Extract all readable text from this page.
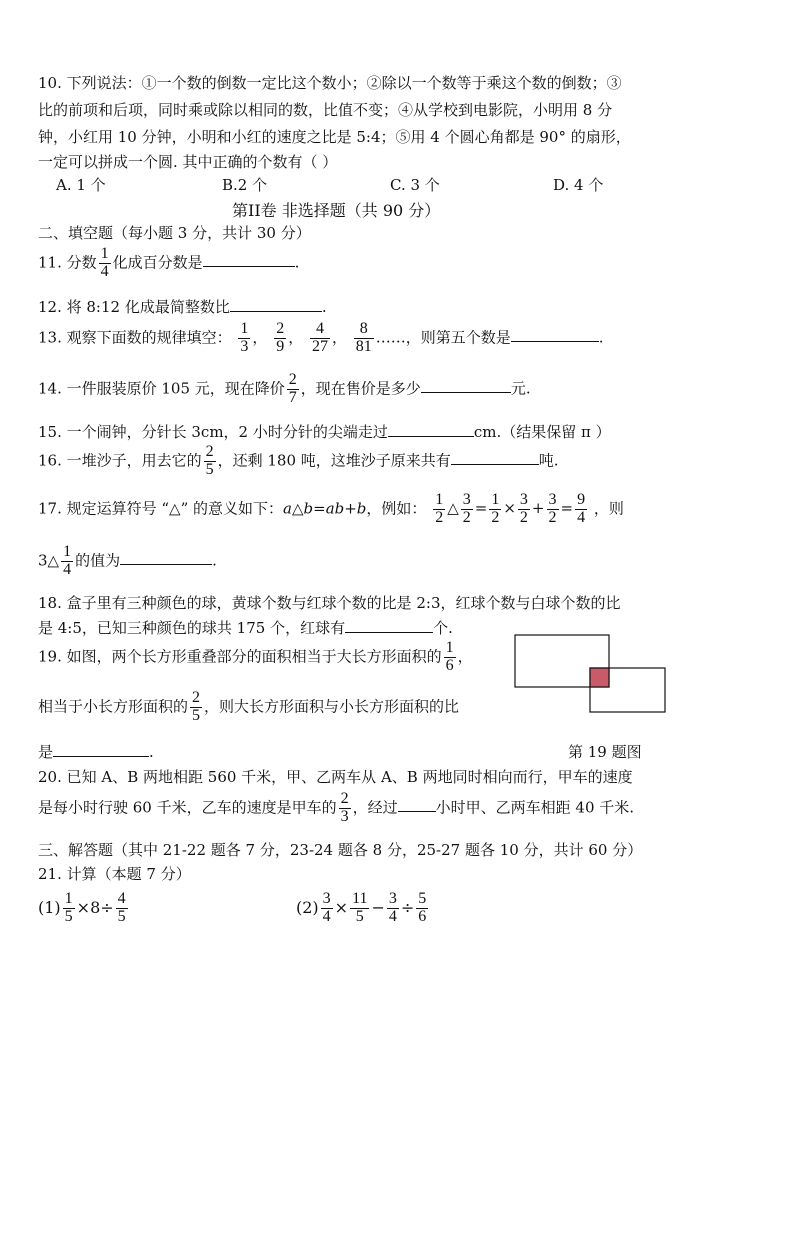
10. 下列说法：①一个数的倒数一定比这个数小；②除以一个数等于乘这个数的倒数；③
比的前项和后项，同时乘或除以相同的数，比值不变；④从学校到电影院，小明用 8 分
钟，小红用 10 分钟，小明和小红的速度之比是 5:4；⑤用 4 个圆心角都是 90° 的扇形，
一定可以拼成一个圆. 其中正确的个数有（ ）
A. 1 个	B.2 个	C. 3 个	D. 4 个
第II卷 非选择题（共 90 分）
二、填空题（每小题 3 分，共计 30 分）
11. 分数 $\frac{1}{4}$ 化成百分数是	.
12. 将 8:12 化成最简整数比	.
13. 观察下面数的规律填空： $\frac{1}{3}$ ， $\frac{2}{9}$ ， $\frac{4}{27}$ ， $\frac{8}{81}$ ……，则第五个数是	.
14. 一件服装原价 105 元，现在降价 $\frac{2}{7}$ ，现在售价是多少	元.
15. 一个闹钟，分针长 3cm，2 小时分针的尖端走过	cm.（结果保留 π ）
16. 一堆沙子，用去它的 $\frac{2}{5}$ ，还剩 180 吨，这堆沙子原来共有	吨.
17. 规定运算符号 “△” 的意义如下：a△b=ab+b，例如： $\frac{1}{2}$ △ $\frac{3}{2} = \frac{1}{2} \times \frac{3}{2} + \frac{3}{2} = \frac{9}{4}$ ，则
3△ $\frac{1}{4}$ 的值为	.
18. 盒子里有三种颜色的球，黄球个数与红球个数的比是 2:3，红球个数与白球个数的比
是 4:5，已知三种颜色的球共 175 个，红球有	个.
19. 如图，两个长方形重叠部分的面积相当于大长方形面积的 $\frac{1}{6}$ ，
相当于小长方形面积的 $\frac{2}{5}$ ，则大长方形面积与小长方形面积的比
是	.	第 19 题图
20. 已知 A、B 两地相距 560 千米，甲、乙两车从 A、B 两地同时相向而行，甲车的速度
是每小时行驶 60 千米，乙车的速度是甲车的 $\frac{2}{3}$ ，经过	小时甲、乙两车相距 40 千米.
三、解答题（其中 21-22 题各 7 分，23-24 题各 8 分，25-27 题各 10 分，共计 60 分）
21. 计算（本题 7 分）
$(1) \frac{1}{5} \times 8\div \frac{4}{5}$	$(2) \frac{3}{4} \times \frac{11}{5} - \frac{3}{4} \div \frac{5}{6}$
